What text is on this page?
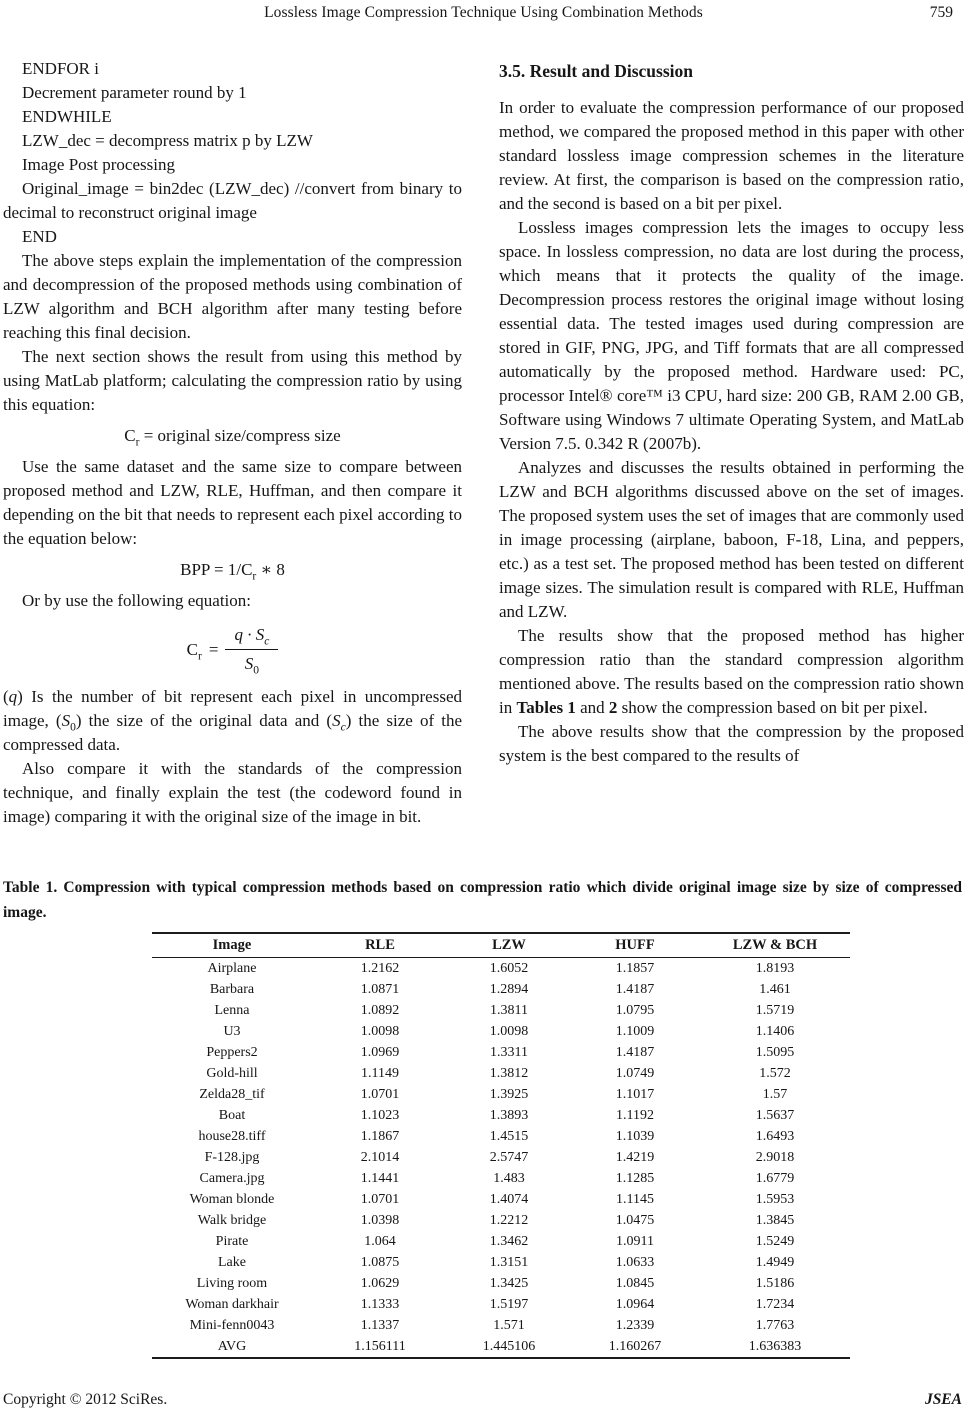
Lossless Image Compression Technique Using Combination Methods	759
ENDFOR i
Decrement parameter round by 1
ENDWHILE
LZW_dec = decompress matrix p by LZW
Image Post processing

Original_image = bin2dec (LZW_dec) //convert from binary to decimal to reconstruct original image

END

The above steps explain the implementation of the compression and decompression of the proposed methods using combination of LZW algorithm and BCH algorithm after many testing before reaching this final decision.

The next section shows the result from using this method by using MatLab platform; calculating the compression ratio by using this equation:

$C_r$ = original size/compress size

Use the same dataset and the same size to compare between proposed method and LZW, RLE, Huffman, and then compare it depending on the bit that needs to represent each pixel according to the equation below:

BPP = $1/C_r$ ∗ 8

Or by use the following equation:

$C_r = \frac{q \cdot S_c}{S_0}$

(q) Is the number of bit represent each pixel in uncompressed image, $(S_0)$ the size of the original data and $(S_c)$ the size of the compressed data.

Also compare it with the standards of the compression technique, and finally explain the test (the codeword found in image) comparing it with the original size of the image in bit.

3.5. Result and Discussion

In order to evaluate the compression performance of our proposed method, we compared the proposed method in this paper with other standard lossless image compression schemes in the literature review. At first, the comparison is based on the compression ratio, and the second is based on a bit per pixel.

Lossless images compression lets the images to occupy less space. In lossless compression, no data are lost during the process, which means that it protects the quality of the image. Decompression process restores the original image without losing essential data. The tested images used during compression are stored in GIF, PNG, JPG, and Tiff formats that are all compressed automatically by the proposed method. Hardware used: PC, processor Intel® core™ i3 CPU, hard size: 200 GB, RAM 2.00 GB, Software using Windows 7 ultimate Operating System, and MatLab Version 7.5. 0.342 R (2007b).

Analyzes and discusses the results obtained in performing the LZW and BCH algorithms discussed above on the set of images. The proposed system uses the set of images that are commonly used in image processing (airplane, baboon, F-18, Lina, and peppers, etc.) as a test set. The proposed method has been tested on different image sizes. The simulation result is compared with RLE, Huffman and LZW.

The results show that the proposed method has higher compression ratio than the standard compression algorithm mentioned above. The results based on the compression ratio shown in Tables 1 and 2 show the compression based on bit per pixel.

The above results show that the compression by the proposed system is the best compared to the results of

Table 1. Compression with typical compression methods based on compression ratio which divide original image size by size of compressed image.

Image	RLE	LZW	HUFF	LZW & BCH
Airplane	1.2162	1.6052	1.1857	1.8193
Barbara	1.0871	1.2894	1.4187	1.461
Lenna	1.0892	1.3811	1.0795	1.5719
U3	1.0098	1.0098	1.1009	1.1406
Peppers2	1.0969	1.3311	1.4187	1.5095
Gold-hill	1.1149	1.3812	1.0749	1.572
Zelda28_tif	1.0701	1.3925	1.1017	1.57
Boat	1.1023	1.3893	1.1192	1.5637
house28.tiff	1.1867	1.4515	1.1039	1.6493
F-128.jpg	2.1014	2.5747	1.4219	2.9018
Camera.jpg	1.1441	1.483	1.1285	1.6779
Woman blonde	1.0701	1.4074	1.1145	1.5953
Walk bridge	1.0398	1.2212	1.0475	1.3845
Pirate	1.064	1.3462	1.0911	1.5249
Lake	1.0875	1.3151	1.0633	1.4949
Living room	1.0629	1.3425	1.0845	1.5186
Woman darkhair	1.1333	1.5197	1.0964	1.7234
Mini-fenn0043	1.1337	1.571	1.2339	1.7763
AVG	1.156111	1.445106	1.160267	1.636383
Copyright © 2012 SciRes.	JSEA
